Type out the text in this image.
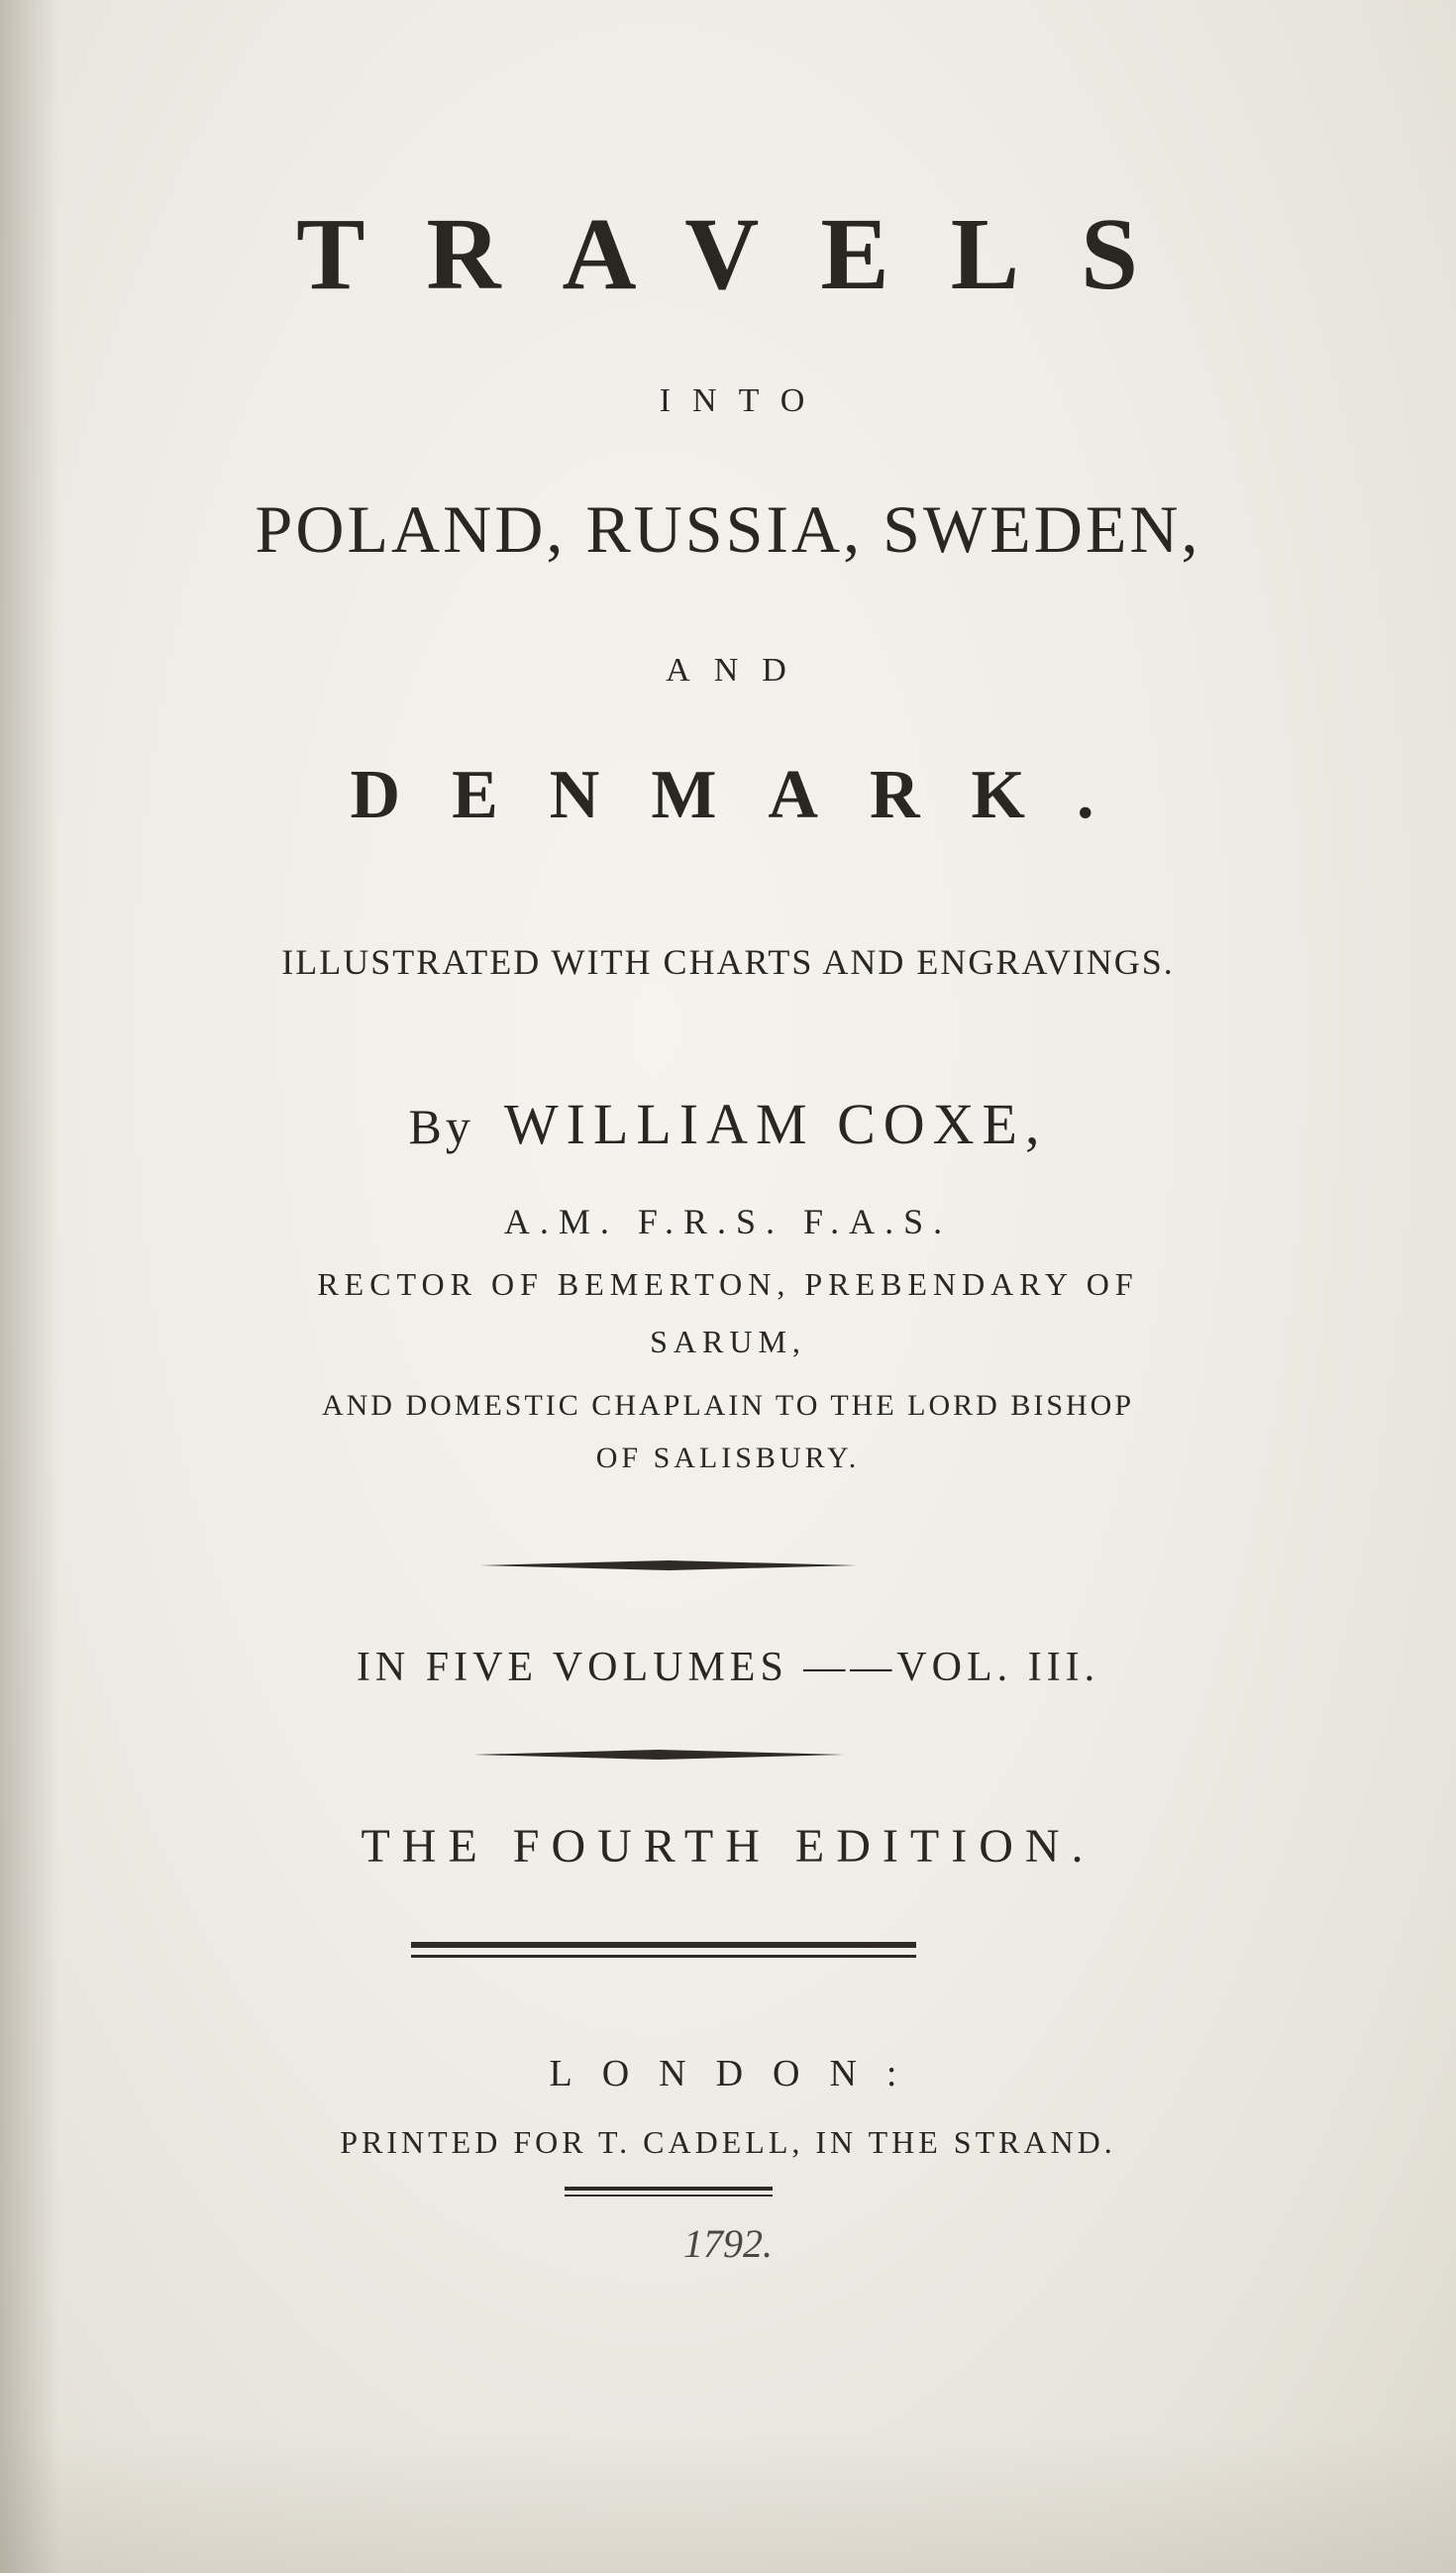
TRAVELS
INTO
POLAND, RUSSIA, SWEDEN,
AND
DENMARK.
ILLUSTRATED WITH CHARTS AND ENGRAVINGS.
By WILLIAM COXE,
A.M. F.R.S. F.A.S.
RECTOR OF BEMERTON, PREBENDARY OF
SARUM,
AND DOMESTIC CHAPLAIN TO THE LORD BISHOP
OF SALISBURY.
IN FIVE VOLUMES ——VOL. III.
THE FOURTH EDITION.
LONDON:
PRINTED FOR T. CADELL, IN THE STRAND.
1792.
